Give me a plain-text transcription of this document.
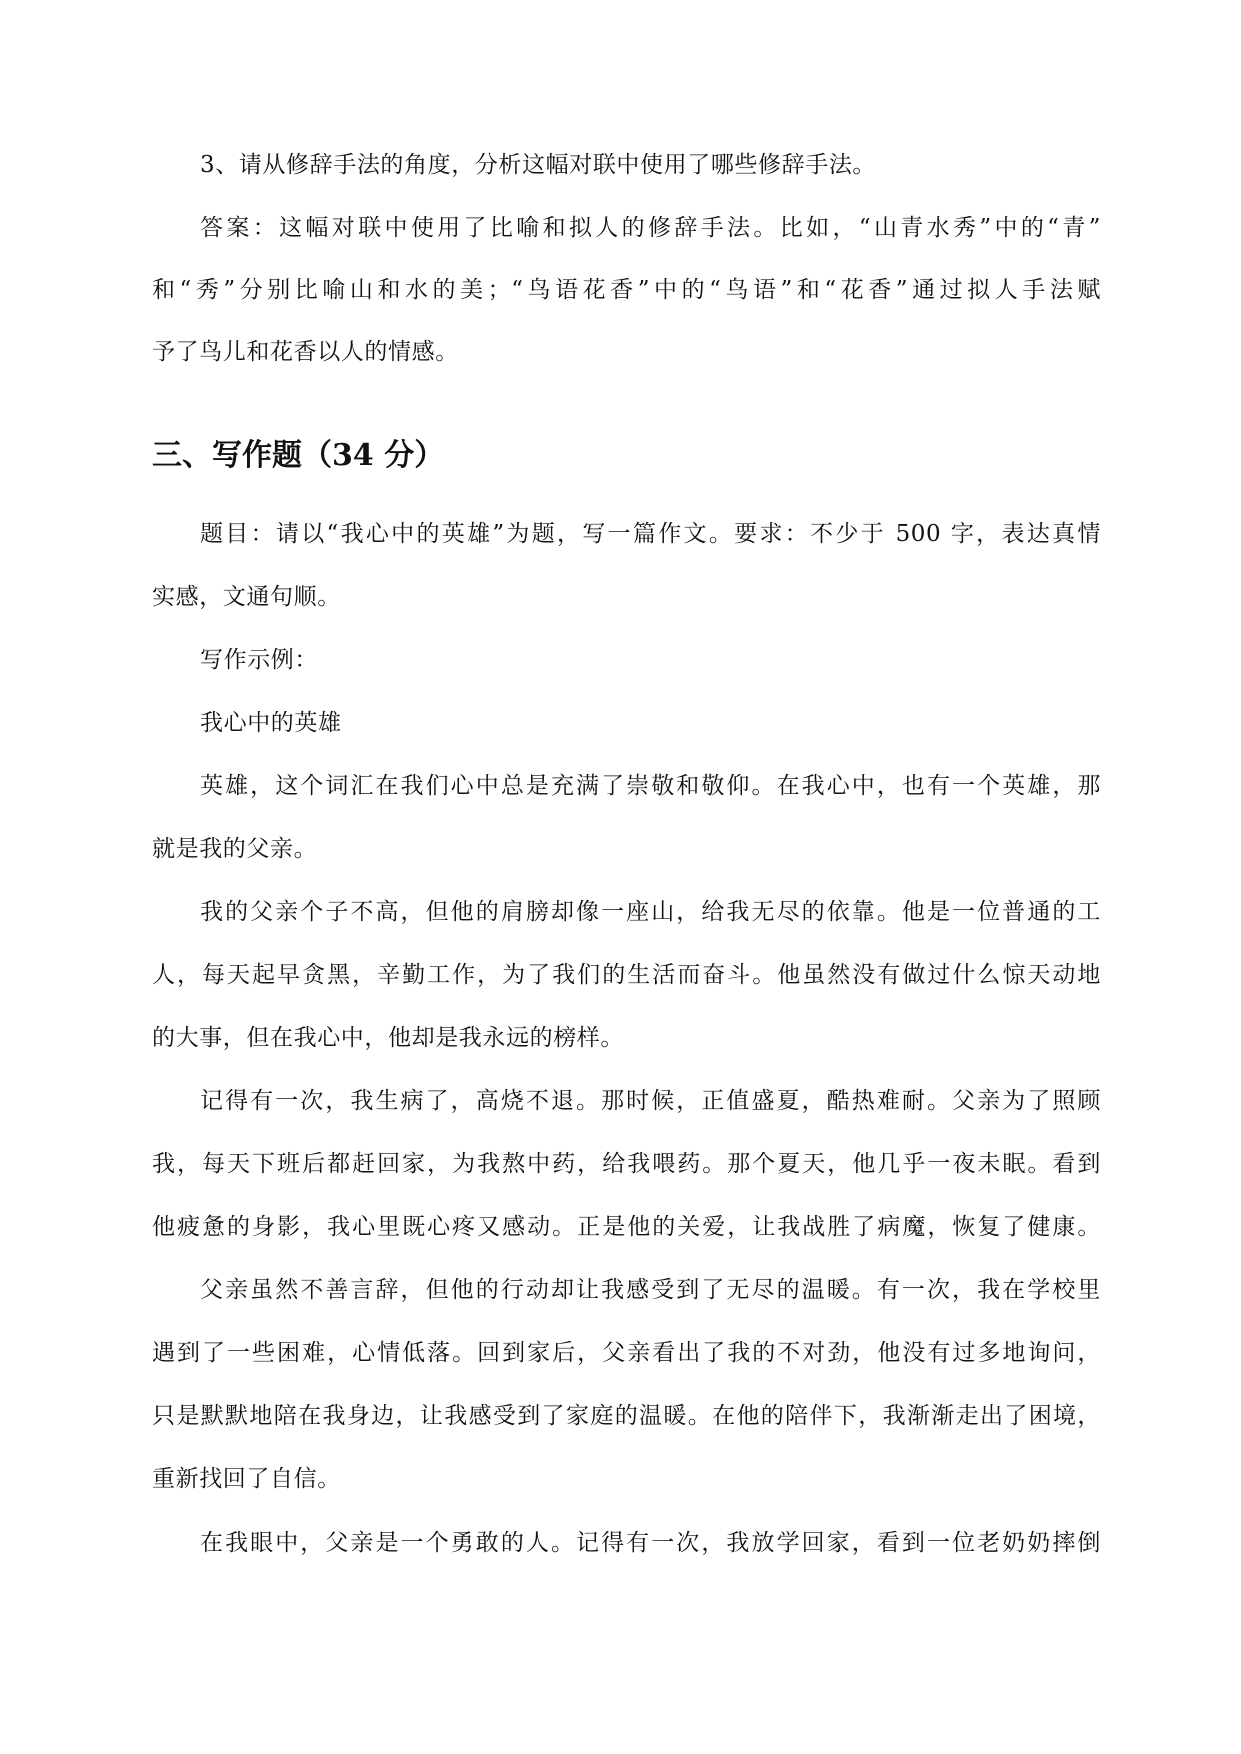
3、请从修辞手法的角度，分析这幅对联中使用了哪些修辞手法。
答案：这幅对联中使用了比喻和拟人的修辞手法。比如，“山青水秀”中的“青”
和“秀”分别比喻山和水的美；“鸟语花香”中的“鸟语”和“花香”通过拟人手法赋
予了鸟儿和花香以人的情感。
三、写作题（34 分）
题目：请以“我心中的英雄”为题，写一篇作文。要求：不少于 500 字，表达真情
实感，文通句顺。
写作示例：
我心中的英雄
英雄，这个词汇在我们心中总是充满了崇敬和敬仰。在我心中，也有一个英雄，那
就是我的父亲。
我的父亲个子不高，但他的肩膀却像一座山，给我无尽的依靠。他是一位普通的工
人，每天起早贪黑，辛勤工作，为了我们的生活而奋斗。他虽然没有做过什么惊天动地
的大事，但在我心中，他却是我永远的榜样。
记得有一次，我生病了，高烧不退。那时候，正值盛夏，酷热难耐。父亲为了照顾
我，每天下班后都赶回家，为我熬中药，给我喂药。那个夏天，他几乎一夜未眠。看到
他疲惫的身影，我心里既心疼又感动。正是他的关爱，让我战胜了病魔，恢复了健康。
父亲虽然不善言辞，但他的行动却让我感受到了无尽的温暖。有一次，我在学校里
遇到了一些困难，心情低落。回到家后，父亲看出了我的不对劲，他没有过多地询问，
只是默默地陪在我身边，让我感受到了家庭的温暖。在他的陪伴下，我渐渐走出了困境，
重新找回了自信。
在我眼中，父亲是一个勇敢的人。记得有一次，我放学回家，看到一位老奶奶摔倒
